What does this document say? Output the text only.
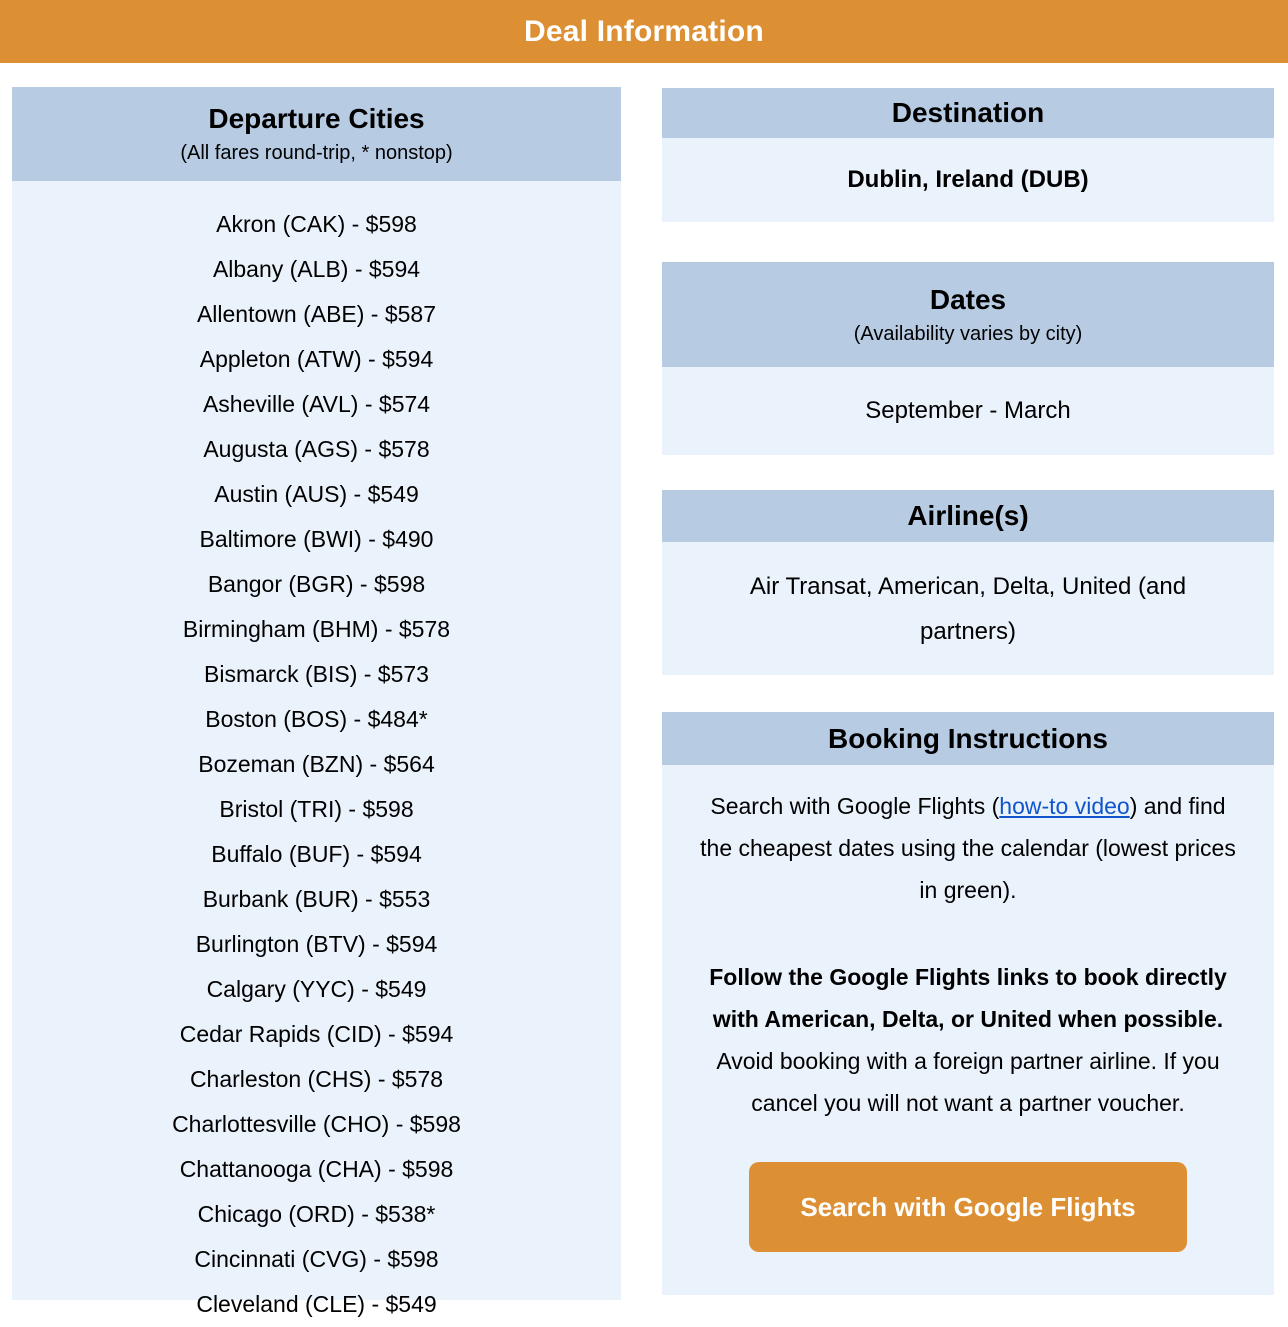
Deal Information
Departure Cities
(All fares round-trip, * nonstop)
Akron (CAK) - $598
Albany (ALB) - $594
Allentown (ABE) - $587
Appleton (ATW) - $594
Asheville (AVL) - $574
Augusta (AGS) - $578
Austin (AUS) - $549
Baltimore (BWI) - $490
Bangor (BGR) - $598
Birmingham (BHM) - $578
Bismarck (BIS) - $573
Boston (BOS) - $484*
Bozeman (BZN) - $564
Bristol (TRI) - $598
Buffalo (BUF) - $594
Burbank (BUR) - $553
Burlington (BTV) - $594
Calgary (YYC) - $549
Cedar Rapids (CID) - $594
Charleston (CHS) - $578
Charlottesville (CHO) - $598
Chattanooga (CHA) - $598
Chicago (ORD) - $538*
Cincinnati (CVG) - $598
Cleveland (CLE) - $549
Destination
Dublin, Ireland (DUB)
Dates
(Availability varies by city)
September - March
Airline(s)
Air Transat, American, Delta, United (and partners)
Booking Instructions

Search with Google Flights (how-to video) and find the cheapest dates using the calendar (lowest prices in green).

Follow the Google Flights links to book directly with American, Delta, or United when possible. Avoid booking with a foreign partner airline. If you cancel you will not want a partner voucher.

Search with Google Flights
